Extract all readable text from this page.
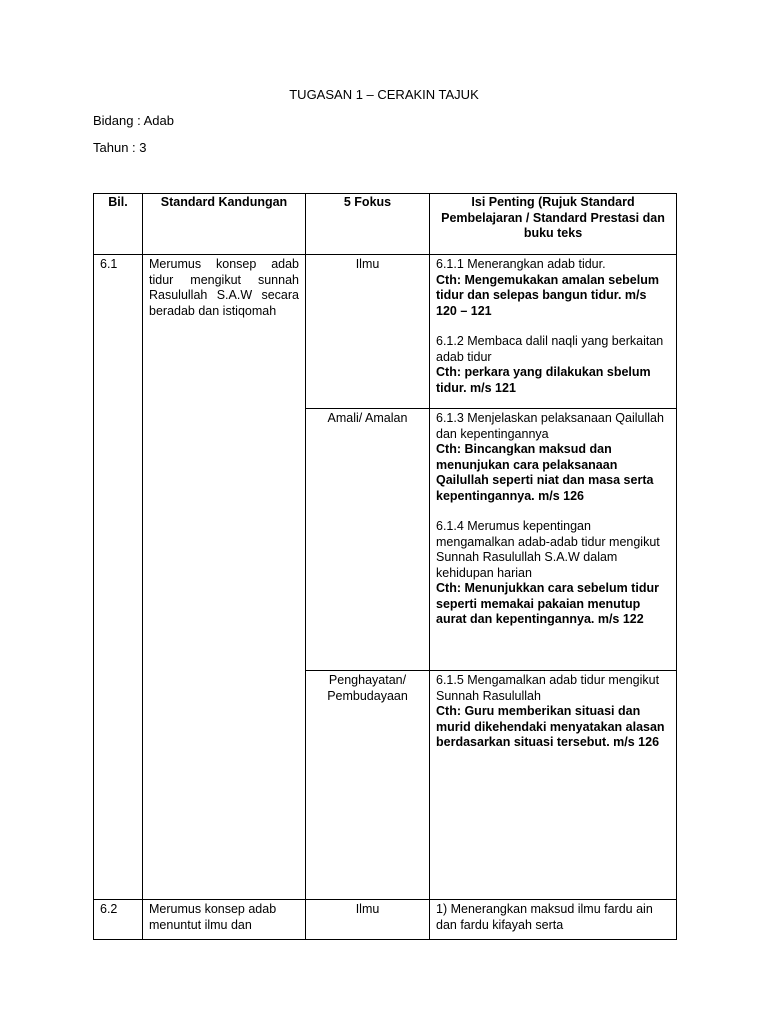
TUGASAN 1 – CERAKIN TAJUK
Bidang : Adab
Tahun : 3
Bil.	Standard Kandungan	5 Fokus	Isi Penting (Rujuk Standard Pembelajaran / Standard Prestasi dan buku teks
6.1	Merumus konsep adab tidur mengikut sunnah Rasulullah S.A.W secara beradab dan istiqomah	Ilmu	6.1.1 Menerangkan adab tidur.
Cth: Mengemukakan amalan sebelum tidur dan selepas bangun tidur. m/s 120 – 121
6.1.2 Membaca dalil naqli yang berkaitan adab tidur
Cth: perkara yang dilakukan sbelum tidur. m/s 121

		Amali/ Amalan	6.1.3 Menjelaskan pelaksanaan Qailullah dan kepentingannya
Cth: Bincangkan maksud dan menunjukan cara pelaksanaan Qailullah seperti niat dan masa serta kepentingannya. m/s 126
6.1.4 Merumus kepentingan mengamalkan adab-adab tidur mengikut Sunnah Rasulullah S.A.W dalam kehidupan harian
Cth: Menunjukkan cara sebelum tidur seperti memakai pakaian menutup aurat dan kepentingannya. m/s 122

		Penghayatan/ Pembudayaan	6.1.5 Mengamalkan adab tidur mengikut Sunnah Rasulullah
Cth: Guru memberikan situasi dan murid dikehendaki menyatakan alasan berdasarkan situasi tersebut. m/s 126

6.2	Merumus konsep adab menuntut ilmu dan	Ilmu	1) Menerangkan maksud ilmu fardu ain dan fardu kifayah serta
